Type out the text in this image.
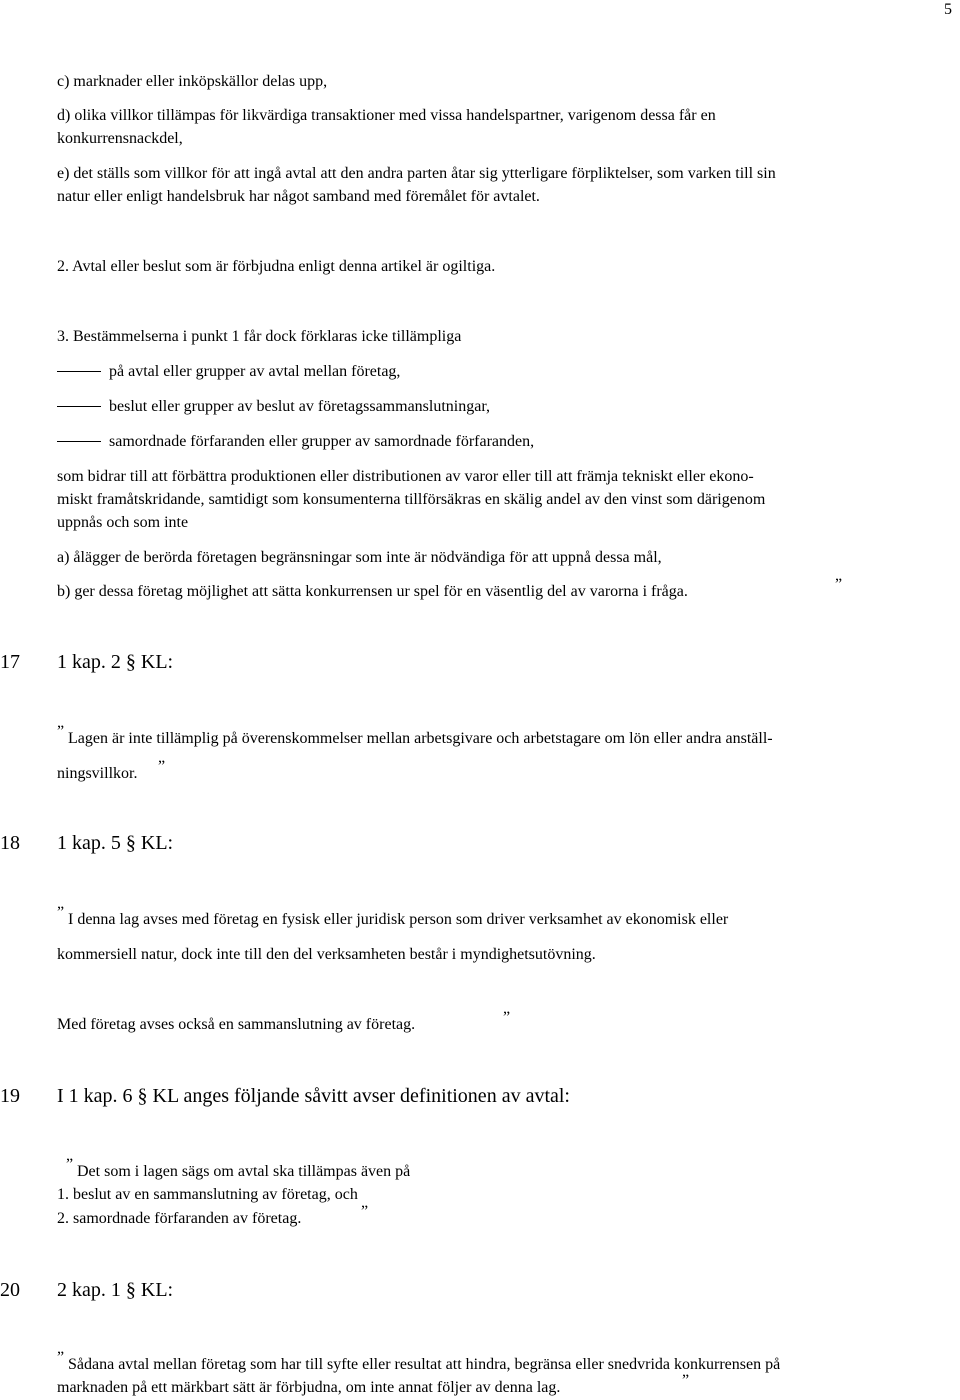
5
c) marknader eller inköpskällor delas upp,
d) olika villkor tillämpas för likvärdiga transaktioner med vissa handelspartner, varigenom dessa får en
konkurrensnackdel,
e) det ställs som villkor för att ingå avtal att den andra parten åtar sig ytterligare förpliktelser, som varken till sin
natur eller enligt handelsbruk har något samband med föremålet för avtalet.
2. Avtal eller beslut som är förbjudna enligt denna artikel är ogiltiga.
3. Bestämmelserna i punkt 1 får dock förklaras icke tillämpliga
på avtal eller grupper av avtal mellan företag,
beslut eller grupper av beslut av företagssammanslutningar,
samordnade förfaranden eller grupper av samordnade förfaranden,
som bidrar till att förbättra produktionen eller distributionen av varor eller till att främja tekniskt eller ekono-
miskt framåtskridande, samtidigt som konsumenterna tillförsäkras en skälig andel av den vinst som därigenom
uppnås och som inte
a) ålägger de berörda företagen begränsningar som inte är nödvändiga för att uppnå dessa mål,
b) ger dessa företag möjlighet att sätta konkurrensen ur spel för en väsentlig del av varorna i fråga.	”
17 1 kap. 2 § KL:
” Lagen är inte tillämplig på överenskommelser mellan arbetsgivare och arbetstagare om lön eller andra anställ-
ningsvillkor. ”
18 1 kap. 5 § KL:
” I denna lag avses med företag en fysisk eller juridisk person som driver verksamhet av ekonomisk eller
kommersiell natur, dock inte till den del verksamheten består i myndighetsutövning.
Med företag avses också en sammanslutning av företag.	”
19 I 1 kap. 6 § KL anges följande såvitt avser definitionen av avtal:
” Det som i lagen sägs om avtal ska tillämpas även på
1. beslut av en sammanslutning av företag, och
2. samordnade förfaranden av företag.	”
20 2 kap. 1 § KL:
” Sådana avtal mellan företag som har till syfte eller resultat att hindra, begränsa eller snedvrida konkurrensen på
marknaden på ett märkbart sätt är förbjudna, om inte annat följer av denna lag.	”
